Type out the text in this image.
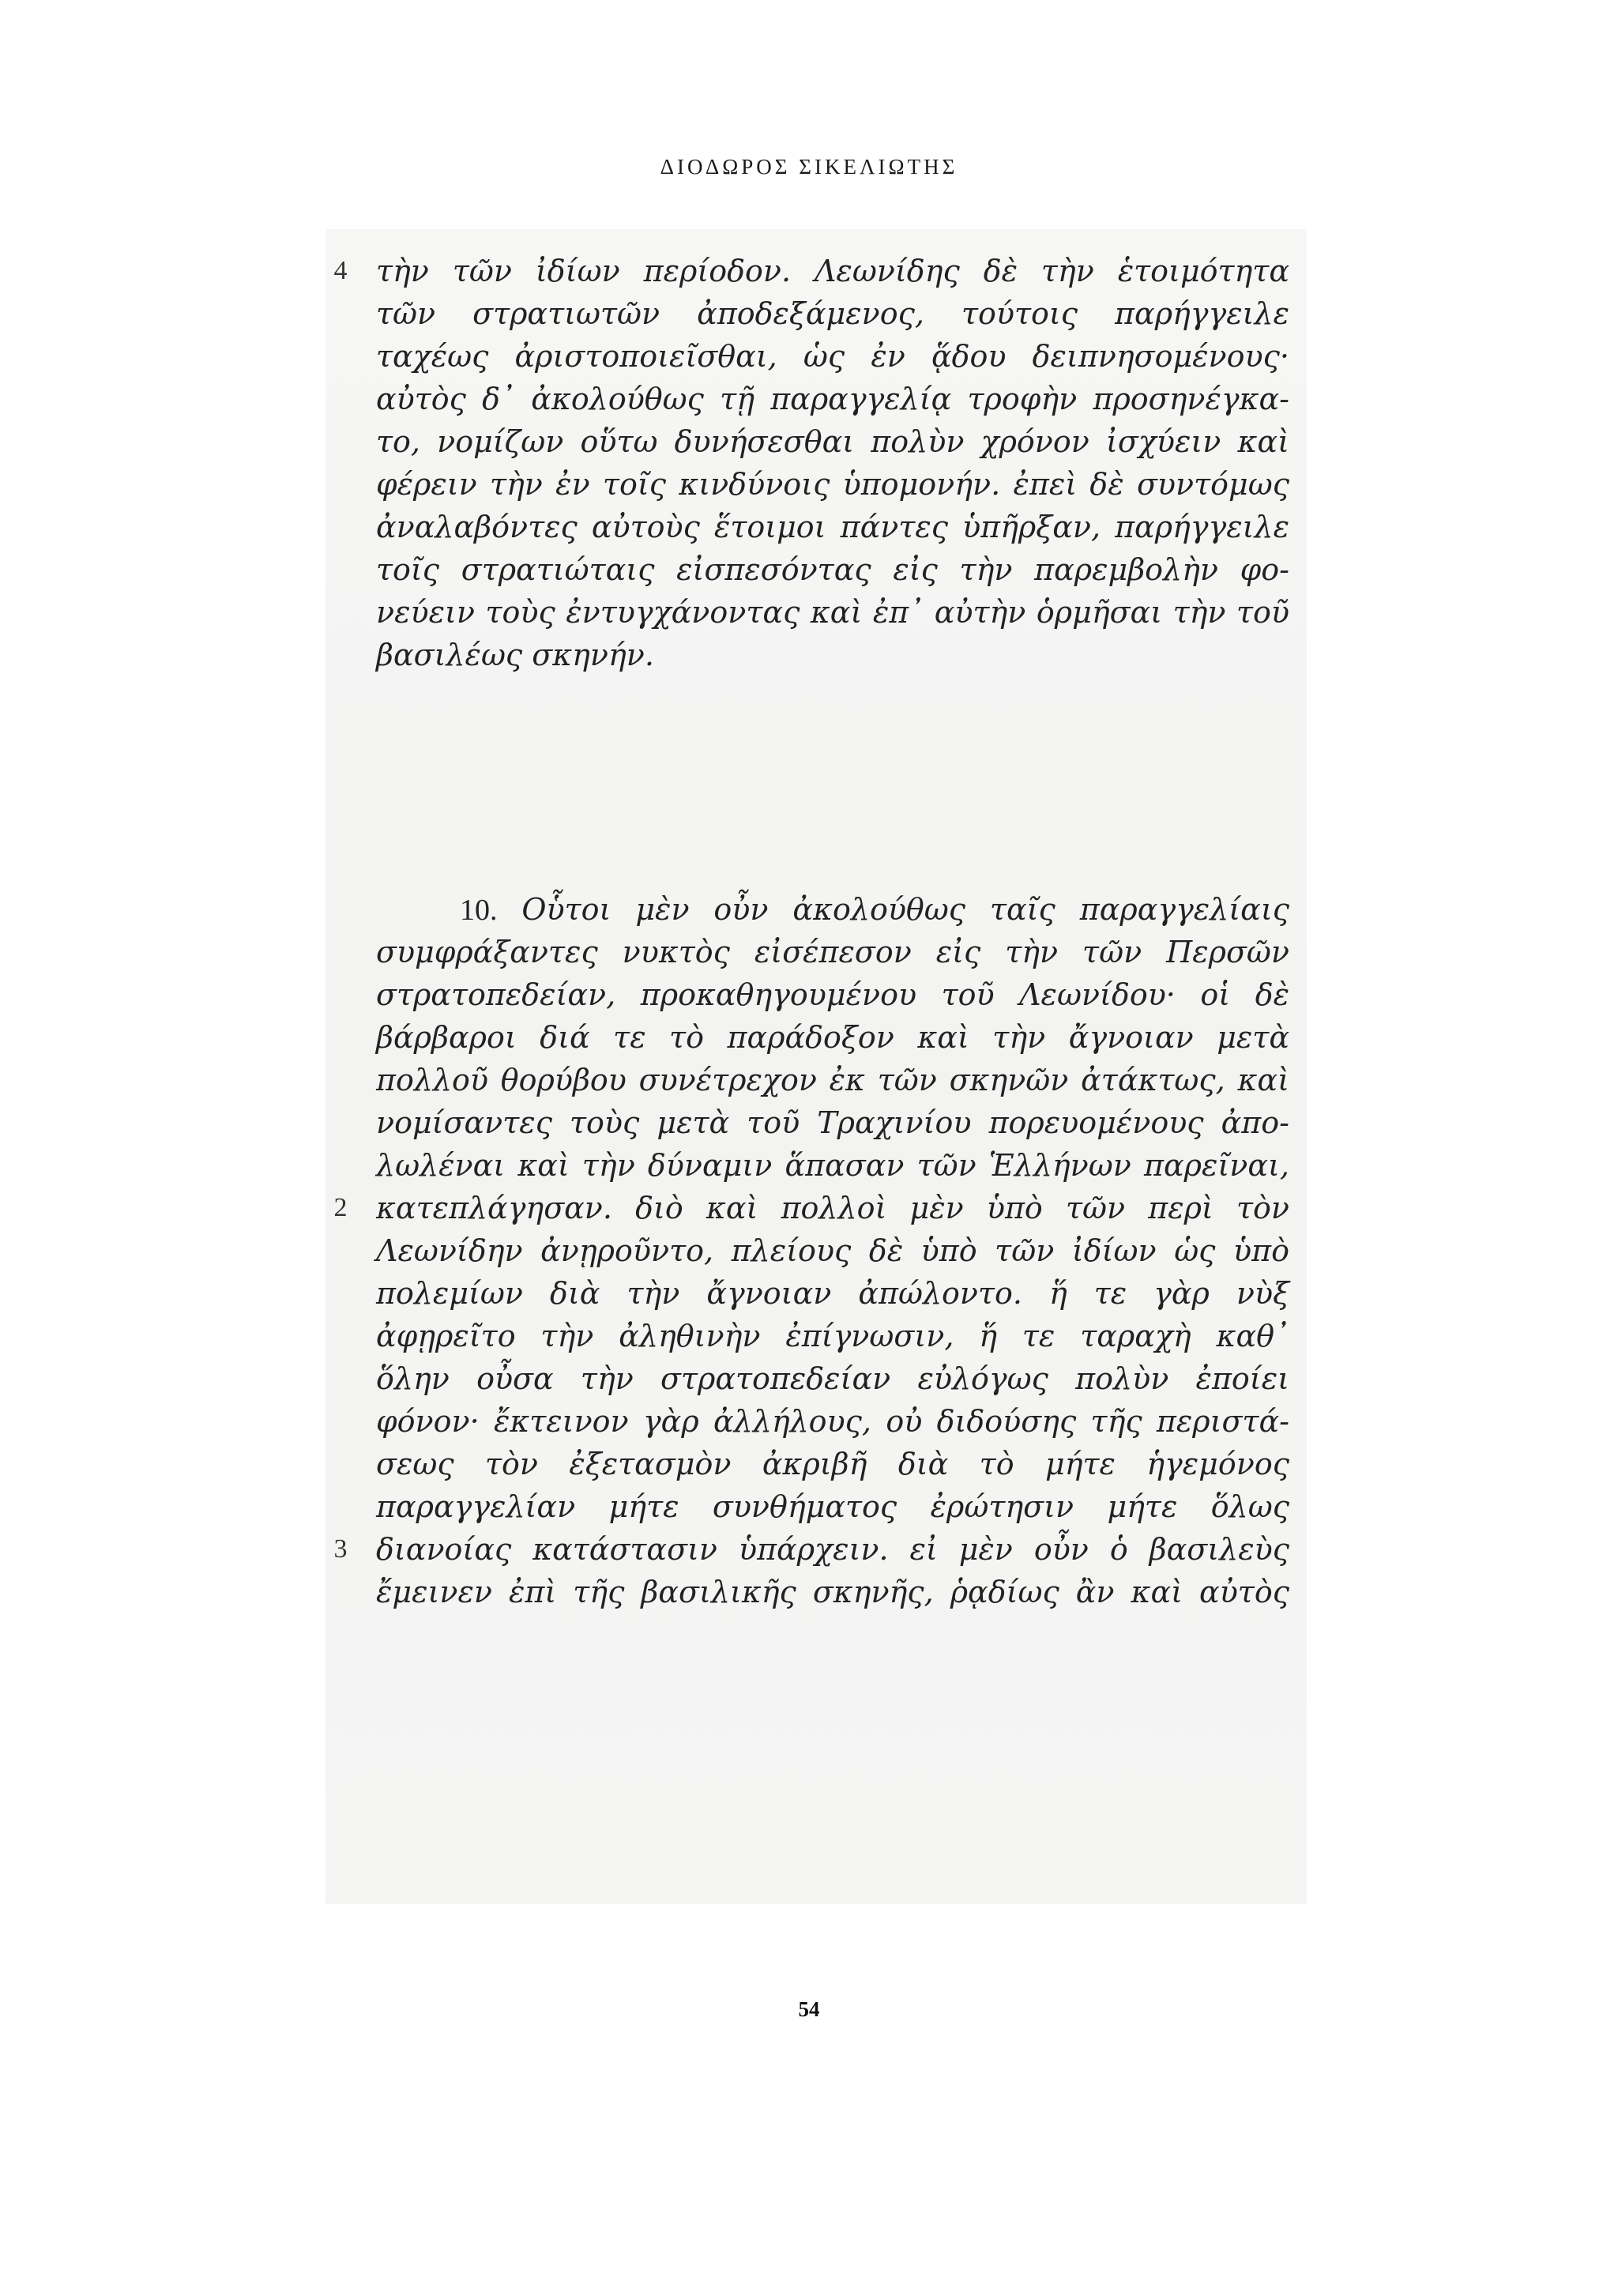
ΔΙΟΔΩΡΟΣ ΣΙΚΕΛΙΩΤΗΣ
4
2
3
τὴν τῶν ἰδίων περίοδον. Λεωνίδης δὲ τὴν ἑτοιμότητα
τῶν στρατιωτῶν ἀποδεξάμενος, τούτοις παρήγγειλε
ταχέως ἀριστοποιεῖσθαι, ὡς ἐν ᾅδου δειπνησομένους·
αὐτὸς δ᾿ ἀκολούθως τῇ παραγγελίᾳ τροφὴν προσηνέγκα-
το, νομίζων οὕτω δυνήσεσθαι πολὺν χρόνον ἰσχύειν καὶ
φέρειν τὴν ἐν τοῖς κινδύνοις ὑπομονήν. ἐπεὶ δὲ συντόμως
ἀναλαβόντες αὐτοὺς ἕτοιμοι πάντες ὑπῆρξαν, παρήγγειλε
τοῖς στρατιώταις εἰσπεσόντας εἰς τὴν παρεμβολὴν φο-
νεύειν τοὺς ἐντυγχάνοντας καὶ ἐπ᾿ αὐτὴν ὁρμῆσαι τὴν τοῦ
βασιλέως σκηνήν.
10. Οὗτοι μὲν οὖν ἀκολούθως ταῖς παραγγελίαις
συμφράξαντες νυκτὸς εἰσέπεσον εἰς τὴν τῶν Περσῶν
στρατοπεδείαν, προκαθηγουμένου τοῦ Λεωνίδου· οἱ δὲ
βάρβαροι διά τε τὸ παράδοξον καὶ τὴν ἄγνοιαν μετὰ
πολλοῦ θορύβου συνέτρεχον ἐκ τῶν σκηνῶν ἀτάκτως, καὶ
νομίσαντες τοὺς μετὰ τοῦ Τραχινίου πορευομένους ἀπο-
λωλέναι καὶ τὴν δύναμιν ἅπασαν τῶν Ἑλλήνων παρεῖναι,
κατεπλάγησαν. διὸ καὶ πολλοὶ μὲν ὑπὸ τῶν περὶ τὸν
Λεωνίδην ἀνῃροῦντο, πλείους δὲ ὑπὸ τῶν ἰδίων ὡς ὑπὸ
πολεμίων διὰ τὴν ἄγνοιαν ἀπώλοντο. ἥ τε γὰρ νὺξ
ἀφῃρεῖτο τὴν ἀληθινὴν ἐπίγνωσιν, ἥ τε ταραχὴ καθ᾿
ὅλην οὖσα τὴν στρατοπεδείαν εὐλόγως πολὺν ἐποίει
φόνον· ἔκτεινον γὰρ ἀλλήλους, οὐ διδούσης τῆς περιστά-
σεως τὸν ἐξετασμὸν ἀκριβῆ διὰ τὸ μήτε ἡγεμόνος
παραγγελίαν μήτε συνθήματος ἐρώτησιν μήτε ὅλως
διανοίας κατάστασιν ὑπάρχειν. εἰ μὲν οὖν ὁ βασιλεὺς
ἔμεινεν ἐπὶ τῆς βασιλικῆς σκηνῆς, ῥᾳδίως ἂν καὶ αὐτὸς
54
